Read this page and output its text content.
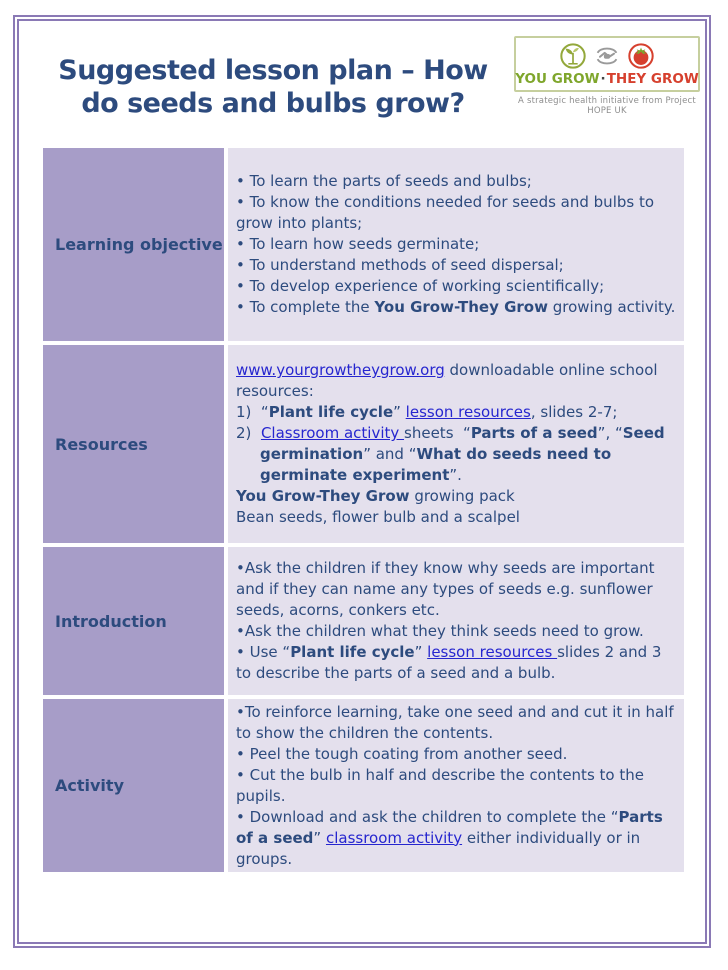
Suggested lesson plan – How do seeds and bulbs grow?
YOU GROW·THEY GROW
A strategic health initiative from Project HOPE UK
Learning objective

• To learn the parts of seeds and bulbs;

• To know the conditions needed for seeds and bulbs to grow into plants;

• To learn how seeds germinate;

• To understand methods of seed dispersal;

• To develop experience of working scientifically;

• To complete the You Grow-They Grow growing activity.

Resources

www.yourgrowtheygrow.org downloadable online school resources:

1)  “Plant life cycle” lesson resources, slides 2-7;

2)  Classroom activity sheets  “Parts of a seed”, “Seed germination” and “What do seeds need to germinate experiment”.

You Grow-They Grow growing pack

Bean seeds, flower bulb and a scalpel

Introduction

•Ask the children if they know why seeds are important and if they can name any types of seeds e.g. sunflower seeds, acorns, conkers etc.

•Ask the children what they think seeds need to grow.

• Use “Plant life cycle” lesson resources slides 2 and 3 to describe the parts of a seed and a bulb.

Activity

•To reinforce learning, take one seed and and cut it in half to show the children the contents.

• Peel the tough coating from another seed.

• Cut the bulb in half and describe the contents to the pupils.

• Download and ask the children to complete the “Parts of a seed” classroom activity either individually or in groups.
